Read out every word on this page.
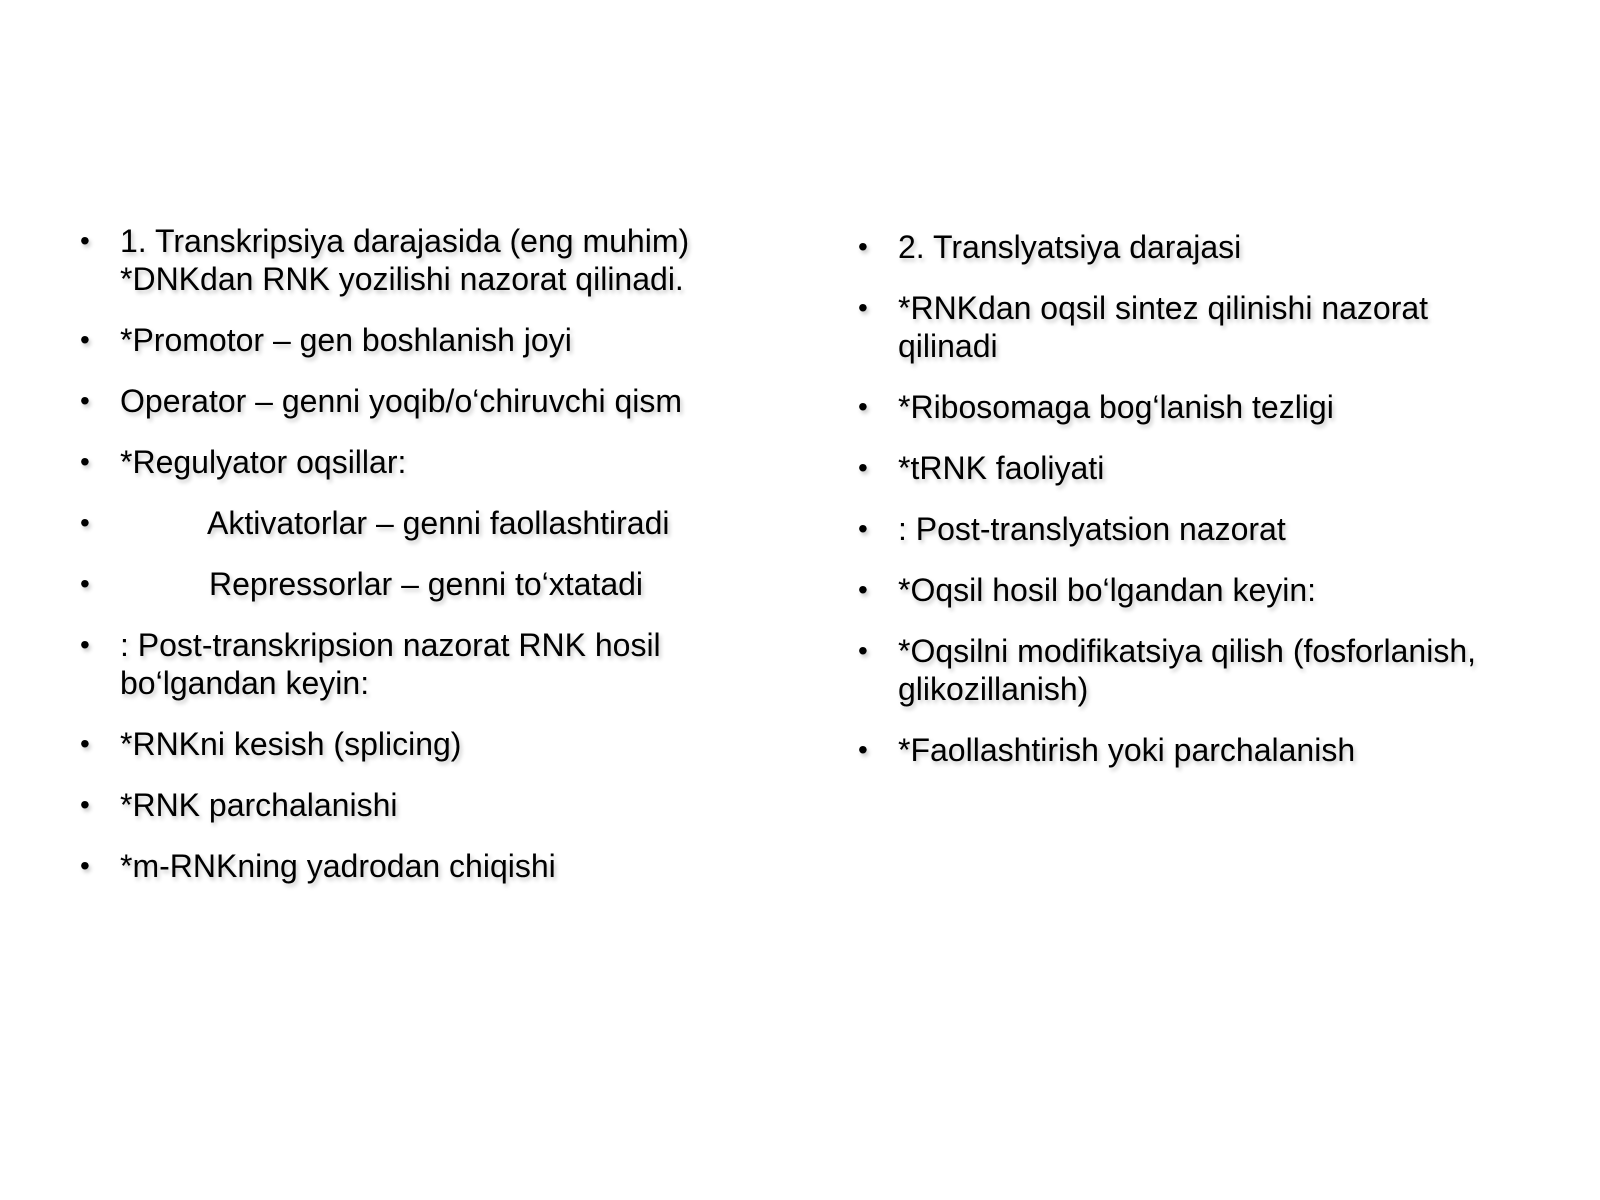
• 1. Transkripsiya darajasida (eng muhim) *DNKdan RNK yozilishi nazorat qilinadi.
• *Promotor – gen boshlanish joyi
• Operator – genni yoqib/o‘chiruvchi qism
• *Regulyator oqsillar:
• Aktivatorlar – genni faollashtiradi
• Repressorlar – genni to‘xtatadi
• : Post-transkripsion nazorat RNK hosil bo‘lgandan keyin:
• *RNKni kesish (splicing)
• *RNK parchalanishi
• *m-RNKning yadrodan chiqishi
• 2. Translyatsiya darajasi
• *RNKdan oqsil sintez qilinishi nazorat qilinadi
• *Ribosomaga bog‘lanish tezligi
• *tRNK faoliyati
• : Post-translyatsion nazorat
• *Oqsil hosil bo‘lgandan keyin:
• *Oqsilni modifikatsiya qilish (fosforlanish, glikozillanish)
• *Faollashtirish yoki parchalanish
